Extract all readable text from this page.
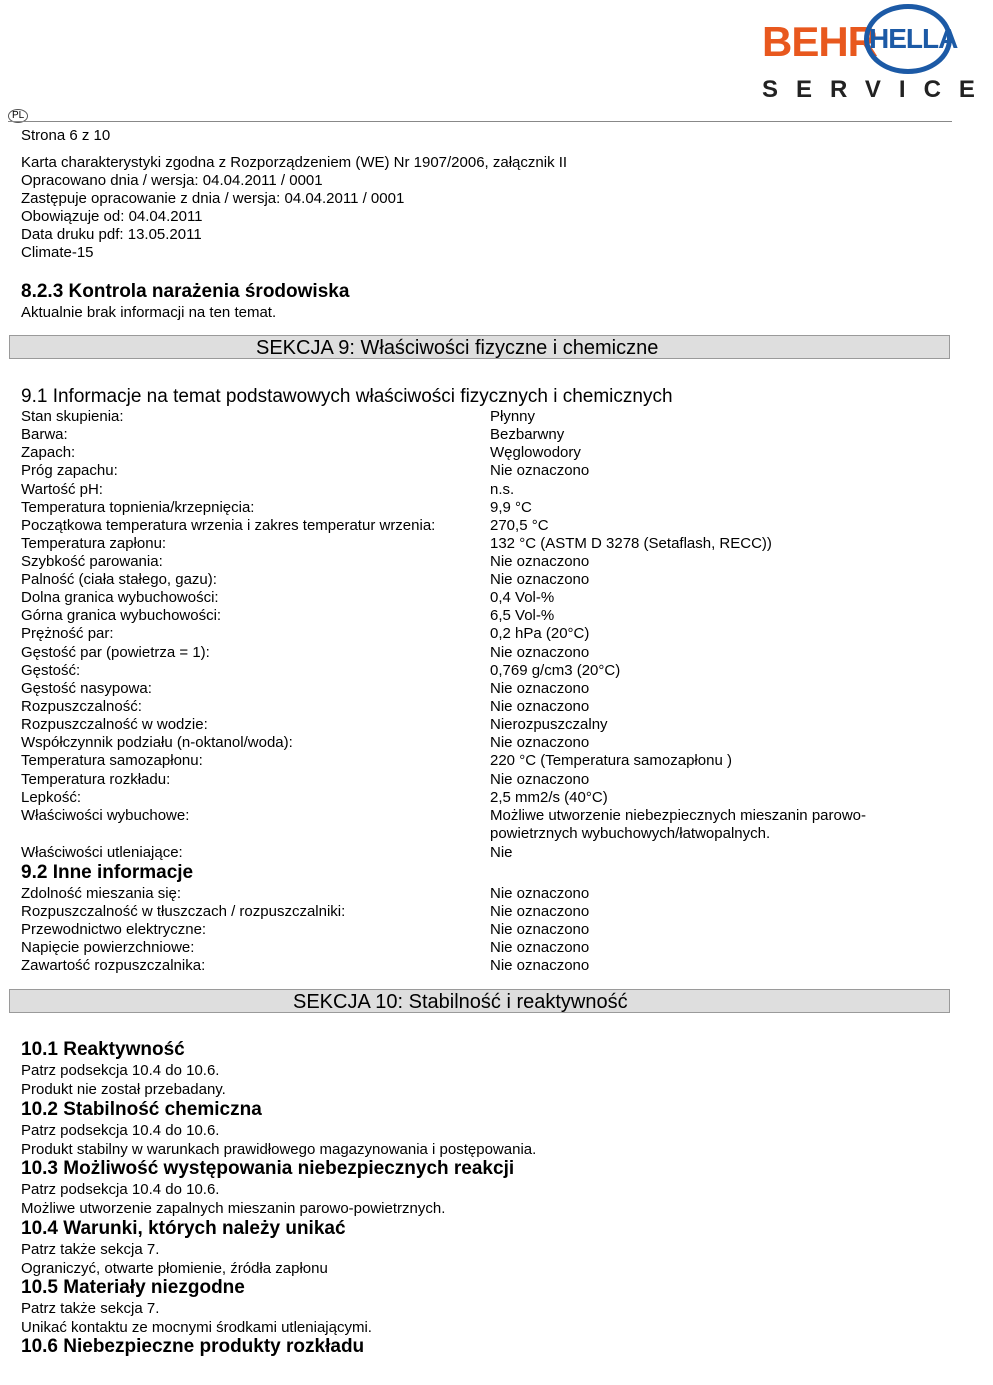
BEHR
HELLA
SERVICE
PL
Strona 6 z 10
Karta charakterystyki zgodna z Rozporządzeniem (WE) Nr 1907/2006, załącznik II
Opracowano dnia / wersja: 04.04.2011 / 0001
Zastępuje opracowanie z dnia / wersja: 04.04.2011 / 0001
Obowiązuje od: 04.04.2011
Data druku pdf: 13.05.2011
Climate-15
8.2.3 Kontrola narażenia środowiska
Aktualnie brak informacji na ten temat.
SEKCJA 9: Właściwości fizyczne i chemiczne
9.1 Informacje na temat podstawowych właściwości fizycznych i chemicznych
Stan skupienia:	Płynny
Barwa:	Bezbarwny
Zapach:	Węglowodory
Próg zapachu:	Nie oznaczono
Wartość pH:	n.s.
Temperatura topnienia/krzepnięcia:	9,9 °C
Początkowa temperatura wrzenia i zakres temperatur wrzenia:	270,5 °C
Temperatura zapłonu:	132 °C (ASTM D 3278 (Setaflash, RECC))
Szybkość parowania:	Nie oznaczono
Palność (ciała stałego, gazu):	Nie oznaczono
Dolna granica wybuchowości:	0,4 Vol-%
Górna granica wybuchowości:	6,5 Vol-%
Prężność par:	0,2 hPa (20°C)
Gęstość par (powietrza = 1):	Nie oznaczono
Gęstość:	0,769 g/cm3 (20°C)
Gęstość nasypowa:	Nie oznaczono
Rozpuszczalność:	Nie oznaczono
Rozpuszczalność w wodzie:	Nierozpuszczalny
Współczynnik podziału (n-oktanol/woda):	Nie oznaczono
Temperatura samozapłonu:	220 °C (Temperatura samozapłonu )
Temperatura rozkładu:	Nie oznaczono
Lepkość:	2,5 mm2/s (40°C)
Właściwości wybuchowe:	Możliwe utworzenie niebezpiecznych mieszanin parowo-powietrznych wybuchowych/łatwopalnych.
Właściwości utleniające:	Nie
9.2 Inne informacje
Zdolność mieszania się:	Nie oznaczono
Rozpuszczalność w tłuszczach / rozpuszczalniki:	Nie oznaczono
Przewodnictwo elektryczne:	Nie oznaczono
Napięcie powierzchniowe:	Nie oznaczono
Zawartość rozpuszczalnika:	Nie oznaczono
SEKCJA 10: Stabilność i reaktywność
10.1 Reaktywność
Patrz podsekcja 10.4 do 10.6.
Produkt nie został przebadany.
10.2 Stabilność chemiczna
Patrz podsekcja 10.4 do 10.6.
Produkt stabilny w warunkach prawidłowego magazynowania i postępowania.
10.3 Możliwość występowania niebezpiecznych reakcji
Patrz podsekcja 10.4 do 10.6.
Możliwe utworzenie zapalnych mieszanin parowo-powietrznych.
10.4 Warunki, których należy unikać
Patrz także sekcja 7.
Ograniczyć, otwarte płomienie, źródła zapłonu
10.5 Materiały niezgodne
Patrz także sekcja 7.
Unikać kontaktu ze mocnymi środkami utleniającymi.
10.6 Niebezpieczne produkty rozkładu
